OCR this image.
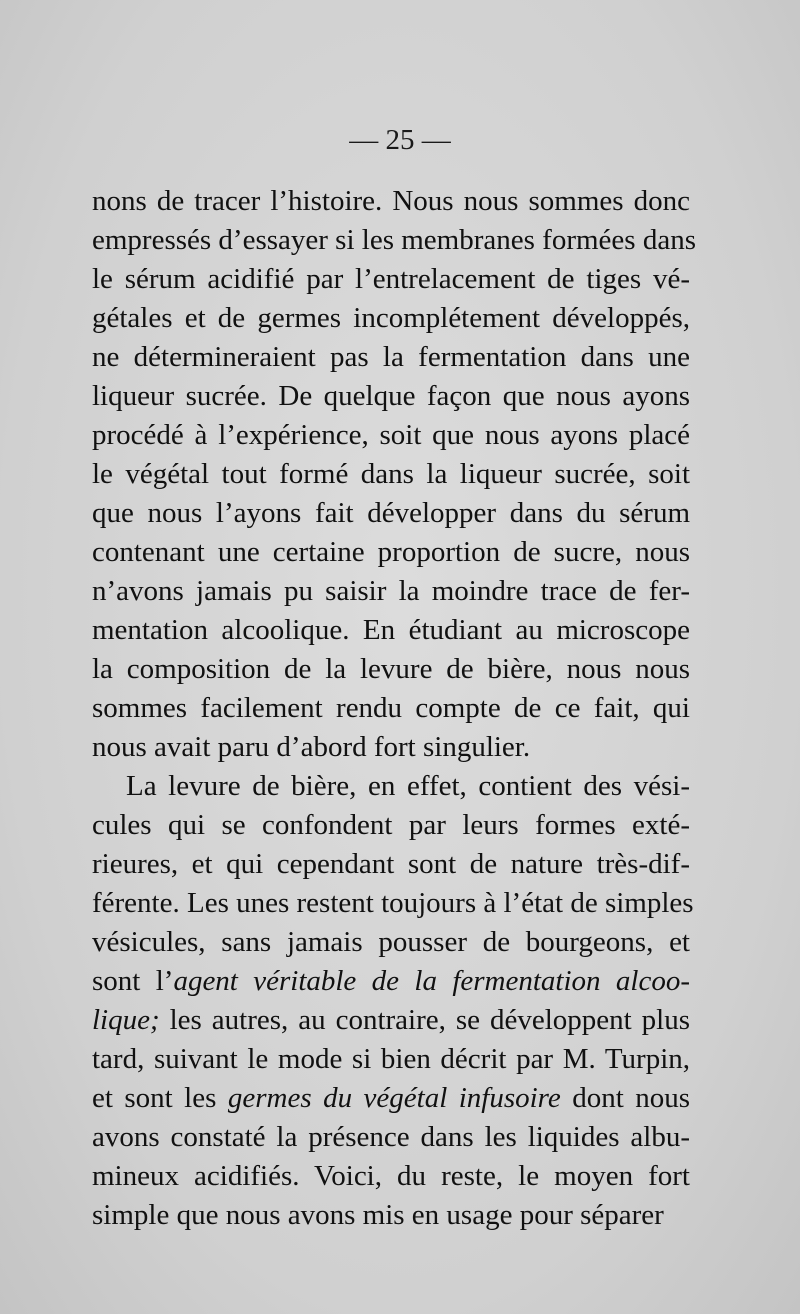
— 25 —
nons de tracer l’histoire. Nous nous sommes donc
empressés d’essayer si les membranes formées dans
le sérum acidifié par l’entrelacement de tiges vé-
gétales et de germes incomplétement développés,
ne détermineraient pas la fermentation dans une
liqueur sucrée. De quelque façon que nous ayons
procédé à l’expérience, soit que nous ayons placé
le végétal tout formé dans la liqueur sucrée, soit
que nous l’ayons fait développer dans du sérum
contenant une certaine proportion de sucre, nous
n’avons jamais pu saisir la moindre trace de fer-
mentation alcoolique. En étudiant au microscope
la composition de la levure de bière, nous nous
sommes facilement rendu compte de ce fait, qui
nous avait paru d’abord fort singulier.
La levure de bière, en effet, contient des vési-
cules qui se confondent par leurs formes exté-
rieures, et qui cependant sont de nature très-dif-
férente. Les unes restent toujours à l’état de simples
vésicules, sans jamais pousser de bourgeons, et
sont l’agent véritable de la fermentation alcoo-
lique; les autres, au contraire, se développent plus
tard, suivant le mode si bien décrit par M. Turpin,
et sont les germes du végétal infusoire dont nous
avons constaté la présence dans les liquides albu-
mineux acidifiés. Voici, du reste, le moyen fort
simple que nous avons mis en usage pour séparer
